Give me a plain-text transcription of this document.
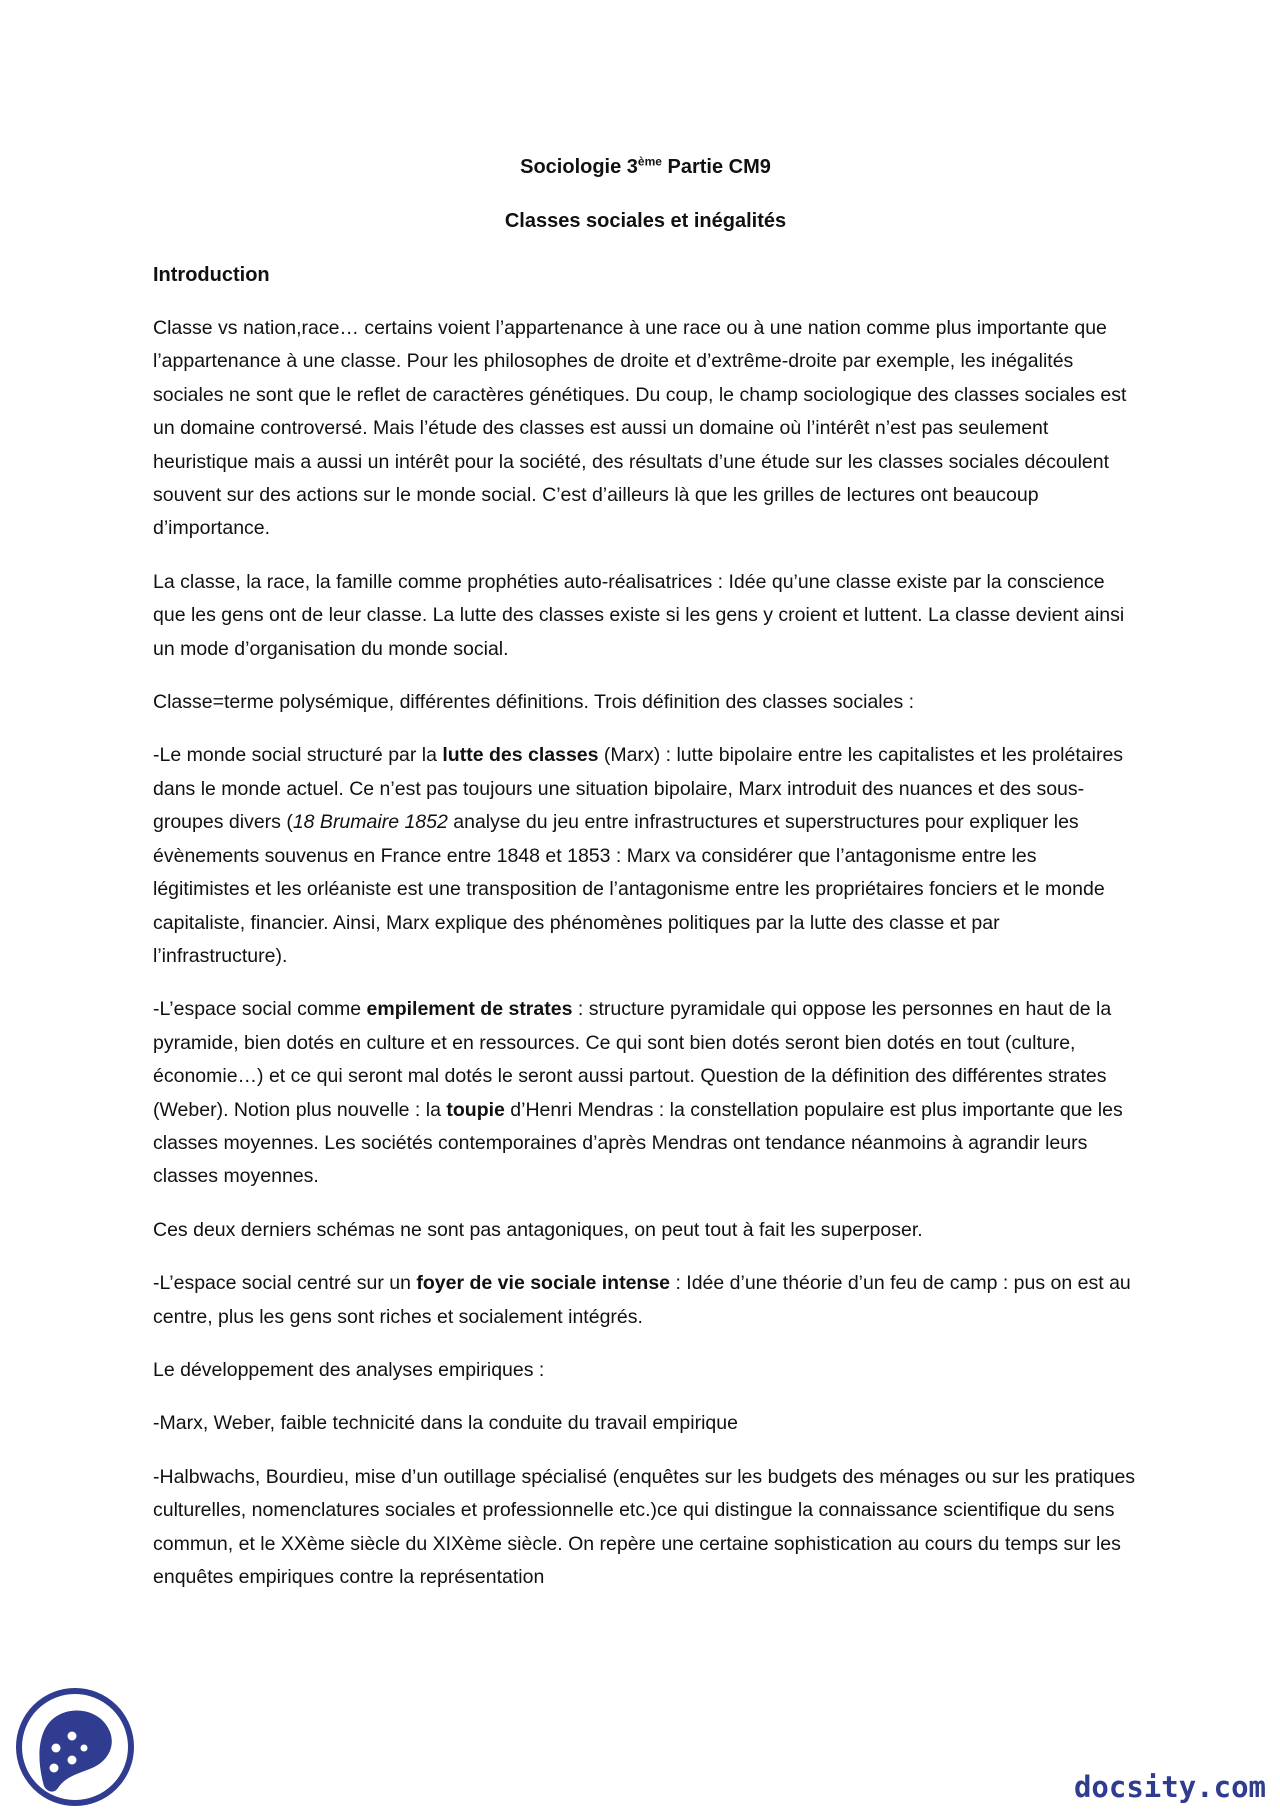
Sociologie 3ème Partie CM9
Classes sociales et inégalités
Introduction

Classe vs nation,race… certains voient l’appartenance à une race ou à une nation comme plus importante que l’appartenance à une classe. Pour les philosophes de droite et d’extrême-droite par exemple, les inégalités sociales ne sont que le reflet de caractères génétiques. Du coup, le champ sociologique des classes sociales est un domaine controversé. Mais l’étude des classes est aussi un domaine où l’intérêt n’est pas seulement heuristique mais a aussi un intérêt pour la société, des résultats d’une étude sur les classes sociales découlent souvent sur des actions sur le monde social. C’est d’ailleurs là que les grilles de lectures ont beaucoup d’importance.

La classe, la race, la famille comme prophéties auto-réalisatrices : Idée qu’une classe existe par la conscience que les gens ont de leur classe. La lutte des classes existe si les gens y croient et luttent. La classe devient ainsi un mode d’organisation du monde social.

Classe=terme polysémique, différentes définitions. Trois définition des classes sociales :

-Le monde social structuré par la lutte des classes (Marx) : lutte bipolaire entre les capitalistes et les prolétaires dans le monde actuel. Ce n’est pas toujours une situation bipolaire, Marx introduit des nuances et des sous-groupes divers (18 Brumaire 1852 analyse du jeu entre infrastructures et superstructures pour expliquer les évènements souvenus en France entre 1848 et 1853 : Marx va considérer que l’antagonisme entre les légitimistes et les orléaniste est une transposition de l’antagonisme entre les propriétaires fonciers et le monde capitaliste, financier. Ainsi, Marx explique des phénomènes politiques par la lutte des classe et par l’infrastructure).

-L’espace social comme empilement de strates : structure pyramidale qui oppose les personnes en haut de la pyramide, bien dotés en culture et en ressources. Ce qui sont bien dotés seront bien dotés en tout (culture, économie…) et ce qui seront mal dotés le seront aussi partout. Question de la définition des différentes strates (Weber). Notion plus nouvelle : la toupie d’Henri Mendras : la constellation populaire est plus importante que les classes moyennes. Les sociétés contemporaines d’après Mendras ont tendance néanmoins à agrandir leurs classes moyennes.

Ces deux derniers schémas ne sont pas antagoniques, on peut tout à fait les superposer.

-L’espace social centré sur un foyer de vie sociale intense : Idée d’une théorie d’un feu de camp : pus on est au centre, plus les gens sont riches et socialement intégrés.

Le développement des analyses empiriques :

-Marx, Weber, faible technicité dans la conduite du travail empirique

-Halbwachs, Bourdieu, mise d’un outillage spécialisé (enquêtes sur les budgets des ménages ou sur les pratiques culturelles, nomenclatures sociales et professionnelle etc.)ce qui distingue la connaissance scientifique du sens commun, et le XXème siècle du XIXème siècle. On repère une certaine sophistication au cours du temps sur les enquêtes empiriques contre la représentation

docsity.com
